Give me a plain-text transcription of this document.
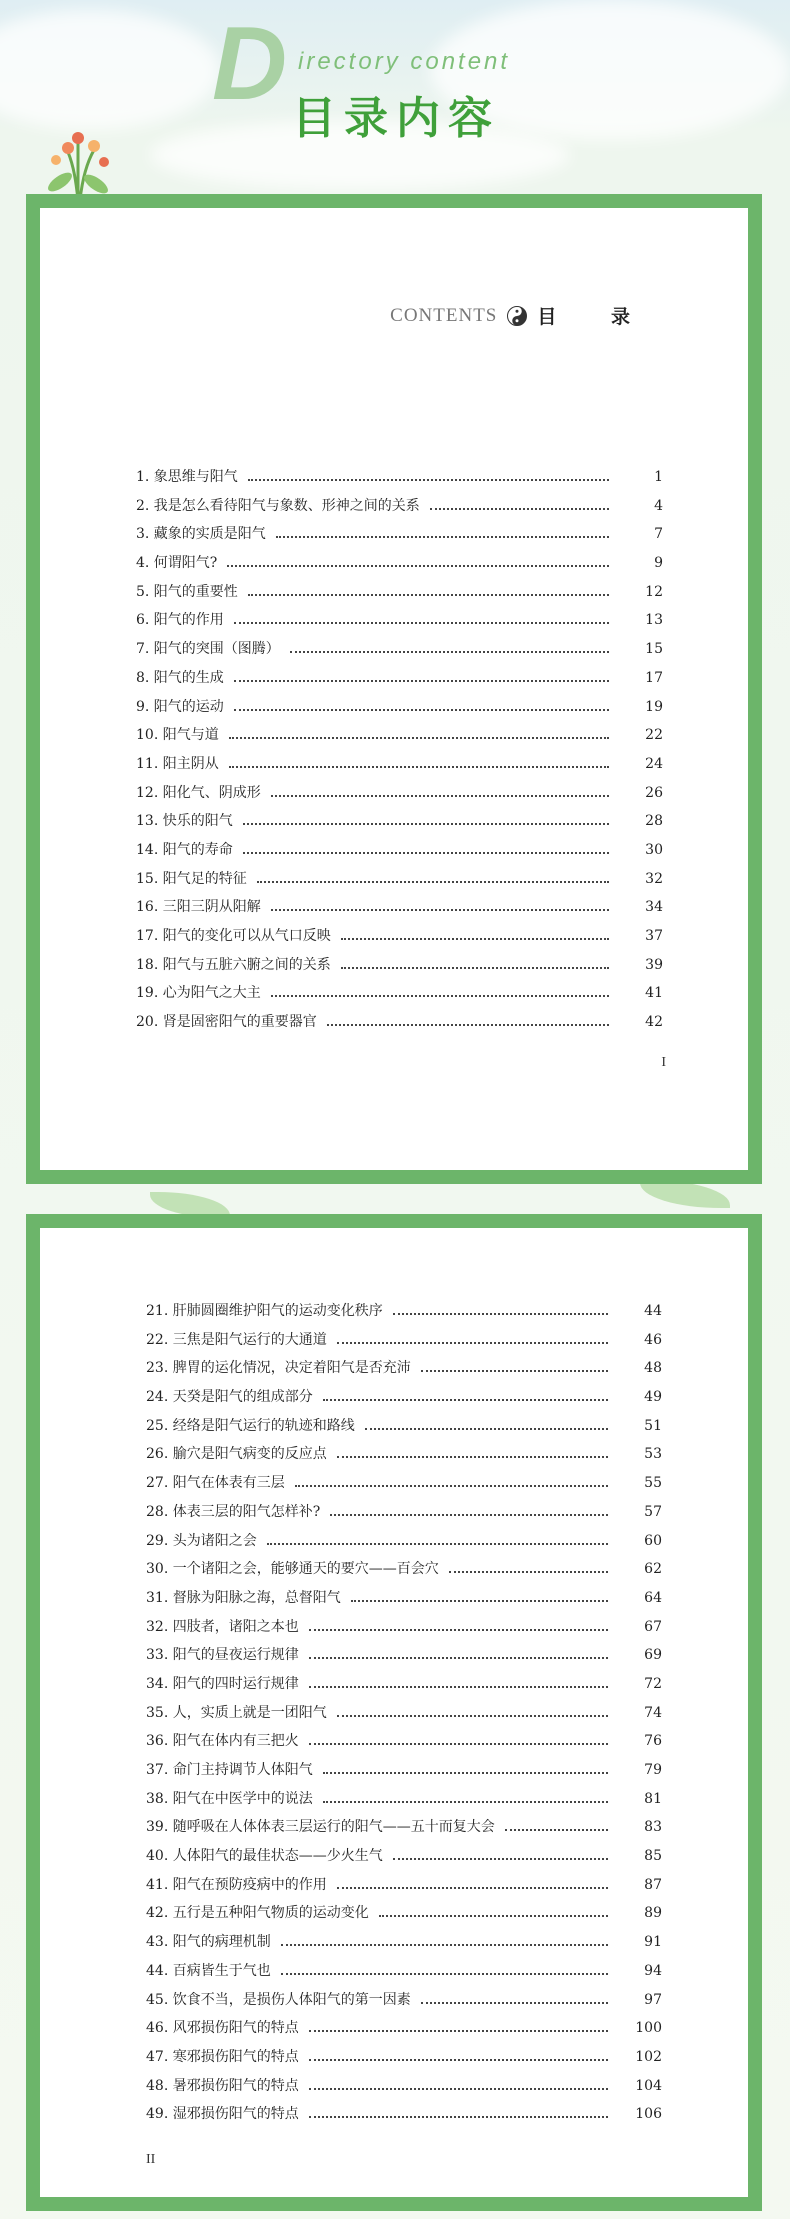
D irectory content
目录内容
CONTENTS 目 录
1. 象思维与阳气	1
2. 我是怎么看待阳气与象数、形神之间的关系	4
3. 藏象的实质是阳气	7
4. 何谓阳气?	9
5. 阳气的重要性	12
6. 阳气的作用	13
7. 阳气的突围（图腾）	15
8. 阳气的生成	17
9. 阳气的运动	19
10. 阳气与道	22
11. 阳主阴从	24
12. 阳化气、阴成形	26
13. 快乐的阳气	28
14. 阳气的寿命	30
15. 阳气足的特征	32
16. 三阳三阴从阳解	34
17. 阳气的变化可以从气口反映	37
18. 阳气与五脏六腑之间的关系	39
19. 心为阳气之大主	41
20. 肾是固密阳气的重要器官	42
I
21. 肝肺圆圈维护阳气的运动变化秩序	44
22. 三焦是阳气运行的大通道	46
23. 脾胃的运化情况，决定着阳气是否充沛	48
24. 天癸是阳气的组成部分	49
25. 经络是阳气运行的轨迹和路线	51
26. 腧穴是阳气病变的反应点	53
27. 阳气在体表有三层	55
28. 体表三层的阳气怎样补?	57
29. 头为诸阳之会	60
30. 一个诸阳之会，能够通天的要穴——百会穴	62
31. 督脉为阳脉之海，总督阳气	64
32. 四肢者，诸阳之本也	67
33. 阳气的昼夜运行规律	69
34. 阳气的四时运行规律	72
35. 人，实质上就是一团阳气	74
36. 阳气在体内有三把火	76
37. 命门主持调节人体阳气	79
38. 阳气在中医学中的说法	81
39. 随呼吸在人体体表三层运行的阳气——五十而复大会	83
40. 人体阳气的最佳状态——少火生气	85
41. 阳气在预防疫病中的作用	87
42. 五行是五种阳气物质的运动变化	89
43. 阳气的病理机制	91
44. 百病皆生于气也	94
45. 饮食不当，是损伤人体阳气的第一因素	97
46. 风邪损伤阳气的特点	100
47. 寒邪损伤阳气的特点	102
48. 暑邪损伤阳气的特点	104
49. 湿邪损伤阳气的特点	106
II
